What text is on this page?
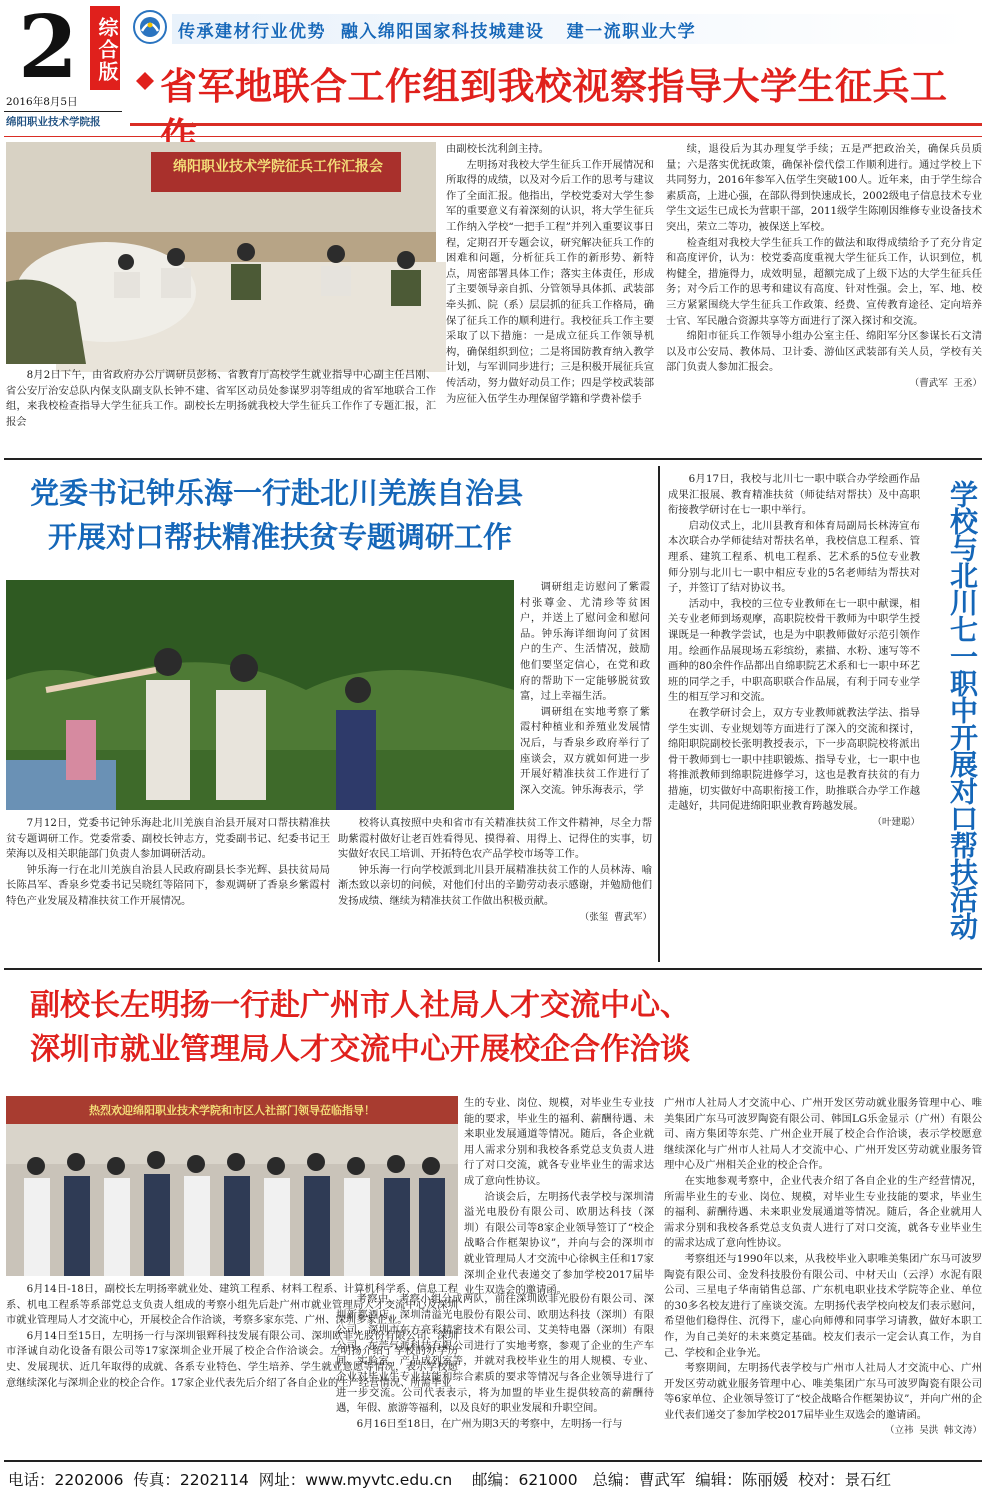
2 综合版
2016年8月5日
绵阳职业技术学院报
传承建材行业优势  融入绵阳国家科技城建设   建一流职业大学
省军地联合工作组到我校视察指导大学生征兵工
绵阳职业技术学院征兵工作汇报会
8月2日下午，由省政府办公厅调研员彭杨、省教育厅高校学生就业指导中心副主任吕刚、省公安厅治安总队内保支队副支队长钟不建、省军区动员处参谋罗羽等组成的省军地联合工作组，来我校检查指导大学生征兵工作。副校长左明扬就我校大学生征兵工作作了专题汇报，汇报会

由副校长沈利剑主持。

左明扬对我校大学生征兵工作开展情况和所取得的成绩，以及对今后工作的思考与建议作了全面汇报。他指出，学校党委对大学生参军的重要意义有着深刻的认识，将大学生征兵工作纳入学校“一把手工程”并列入重要议事日程，定期召开专题会议，研究解决征兵工作的困难和问题，分析征兵工作的新形势、新特点，周密部署具体工作；落实主体责任，形成了主要领导亲自抓、分管领导具体抓、武装部牵头抓、院（系）层层抓的征兵工作格局，确保了征兵工作的顺利进行。我校征兵工作主要采取了以下措施：一是成立征兵工作领导机构，确保组织到位；二是将国防教育纳入教学计划，与军训同步进行；三是积极开展征兵宣传活动，努力做好动员工作；四是学校武装部为应征入伍学生办理保留学籍和学费补偿手

续，退役后为其办理复学手续；五是严把政治关，确保兵员质量；六是落实优抚政策，确保补偿代偿工作顺利进行。通过学校上下共同努力，2016年参军入伍学生突破100人。近年来，由于学生综合素质高，上进心强，在部队得到快速成长，2002级电子信息技术专业学生文运生已成长为营职干部，2011级学生陈刚因维修专业设备技术突出，荣立二等功，被保送上军校。

检查组对我校大学生征兵工作的做法和取得成绩给予了充分肯定和高度评价，认为：校党委高度重视大学生征兵工作，认识到位，机构健全，措施得力，成效明显，超额完成了上级下达的大学生征兵任务；对今后工作的思考和建议有高度、针对性强。会上，军、地、校三方紧紧围绕大学生征兵工作政策、经费、宣传教育途径、定向培养士官、军民融合资源共享等方面进行了深入探讨和交流。

绵阳市征兵工作领导小组办公室主任、绵阳军分区参谋长石文清以及市公安局、教体局、卫计委、游仙区武装部有关人员，学校有关部门负责人参加汇报会。

（曹武军 王丞）

党委书记钟乐海一行赴北川羌族自治县
开展对口帮扶精准扶贫专题调研工作

调研组走访慰问了紫霞村张尊金、尤清珍等贫困户，并送上了慰问金和慰问品。钟乐海详细询问了贫困户的生产、生活情况，鼓励他们要坚定信心，在党和政府的帮助下一定能够脱贫致富，过上幸福生活。

调研组在实地考察了紫霞村种植业和养殖业发展情况后，与香泉乡政府举行了座谈会，双方就如何进一步开展好精准扶贫工作进行了深入交流。钟乐海表示，学

7月12日，党委书记钟乐海赴北川羌族自治县开展对口帮扶精准扶贫专题调研工作。党委常委、副校长钟志方，党委副书记、纪委书记王荣海以及相关职能部门负责人参加调研活动。

钟乐海一行在北川羌族自治县人民政府副县长李光辉、县扶贫局局长陈昌军、香泉乡党委书记吴晓红等陪同下，参观调研了香泉乡紫霞村特色产业发展及精准扶贫工作开展情况。

校将认真按照中央和省市有关精准扶贫工作文件精神，尽全力帮助紫霞村做好让老百姓看得见、摸得着、用得上、记得住的实事，切实做好农民工培训、开拓特色农产品学校市场等工作。

钟乐海一行向学校派到北川县开展精准扶贫工作的人员林涛、喻渐杰致以亲切的问候，对他们付出的辛勤劳动表示感谢，并勉励他们发扬成绩、继续为精准扶贫工作做出积极贡献。

（张玺 曹武军）

6月17日，我校与北川七一职中联合办学绘画作品成果汇报展、教育精准扶贫（师徒结对帮扶）及中高职衔接教学研讨在七一职中举行。

启动仪式上，北川县教育和体育局副局长林涛宣布本次联合办学师徒结对帮扶名单，我校信息工程系、管理系、建筑工程系、机电工程系、艺术系的5位专业教师分别与北川七一职中相应专业的5名老师结为帮扶对子，并签订了结对协议书。

活动中，我校的三位专业教师在七一职中献课，相关专业老师到场观摩，高职院校骨干教师为中职学生授课既是一种教学尝试，也是为中职教师做好示范引领作用。绘画作品展现场五彩缤纷，素描、水粉、速写等不画种的80余件作品都出自绵职院艺术系和七一职中环艺班的同学之手，中职高职联合作品展，有利于同专业学生的相互学习和交流。

在教学研讨会上，双方专业教师就教法学法、指导学生实训、专业规划等方面进行了深入的交流和探讨，绵阳职院副校长张明教授表示，下一步高职院校将派出骨干教师到七一职中挂职锻炼、指导专业，七一职中也将推派教师到绵职院进修学习，这也是教育扶贫的有力措施，切实做好中高职衔接工作，助推联合办学工作越走越好，共同促进绵阳职业教育跨越发展。

（叶建聪） 学校与北川七一职中开展对口帮扶活动
副校长左明扬一行赴广州市人社局人才交流中心、
深圳市就业管理局人才交流中心开展校企合作洽谈
热烈欢迎绵阳职业技术学院和市区人社部门领导莅临指导！

6月14日-18日，副校长左明扬率就业处、建筑工程系、材料工程系、计算机科学系、信息工程系、机电工程系等系部党总支负责人组成的考察小组先后赴广州市就业管理局人才交流中心及深圳市就业管理局人才交流中心，开展校企合作洽谈，考察多家东莞、广州、深圳多家企业。

6月14日至15日，左明扬一行与深圳银辉科技发展有限公司、深圳欧菲光股份有限公司、深圳市泽诚自动化设备有限公司等17家深圳企业开展了校企合作洽谈会。左明扬介绍了学校的办学历史、发展现状、近几年取得的成就、各系专业特色、学生培养、学生就业意愿等情况，表示学校愿意继续深化与深圳企业的校企合作。17家企业代表先后介绍了各自企业的生产经营情况、所需毕业

生的专业、岗位、规模，对毕业生专业技能的要求，毕业生的福利、薪酬待遇、未来职业发展通道等情况。随后，各企业就用人需求分别和我校各系党总支负责人进行了对口交流，就各专业毕业生的需求达成了意向性协议。

洽谈会后，左明扬代表学校与深圳清溢光电股份有限公司、欧朋达科技（深圳）有限公司等8家企业领导签订了“校企战略合作框架协议”，并向与会的深圳市就业管理局人才交流中心徐枫主任和17家深圳企业代表递交了参加学校2017届毕业生双选会的邀请函。

考察中，考察小组分成两队，前往深圳欧菲光股份有限公司、深圳新都酒店、深圳清溢光电股份有限公司、欧朋达科技（深圳）有限公司、深圳市东方亮彩精密技术有限公司、艾美特电器（深圳）有限公司、东莞气派科技有限公司进行了实地考察，参观了企业的生产车间、实验室、产品成列室等，并就对我校毕业生的用人规模、专业、企业对毕业生专业技能和综合素质的要求等情况与各企业领导进行了进一步交流。公司代表表示，将为加盟的毕业生提供较高的薪酬待遇，年假、旅游等福利，以及良好的职业发展和升职空间。

6月16日至18日，在广州为期3天的考察中，左明扬一行与

广州市人社局人才交流中心、广州开发区劳动就业服务管理中心、唯美集团广东马可波罗陶瓷有限公司、韩国LG乐金显示（广州）有限公司、南方集团等东莞、广州企业开展了校企合作洽谈，表示学校愿意继续深化与广州市人社局人才交流中心、广州开发区劳动就业服务管理中心及广州相关企业的校企合作。

在实地参观考察中，企业代表介绍了各自企业的生产经营情况，所需毕业生的专业、岗位、规模，对毕业生专业技能的要求，毕业生的福利、薪酬待遇、未来职业发展通道等情况。随后，各企业就用人需求分别和我校各系党总支负责人进行了对口交流，就各专业毕业生的需求达成了意向性协议。

考察组还与1990年以来，从我校毕业入职唯美集团广东马可波罗陶瓷有限公司、金发科技股份有限公司、中材天山（云浮）水泥有限公司、三星电子华南销售总部、广东机电职业技术学院等企业、单位的30多名校友进行了座谈交流。左明扬代表学校向校友们表示慰问，希望他们稳得住、沉得下，虚心向师傅和同事学习请教，做好本职工作，为自己美好的未来奠定基础。校友们表示一定会认真工作，为自己、学校和企业争光。

考察期间，左明扬代表学校与广州市人社局人才交流中心、广州开发区劳动就业服务管理中心、唯美集团广东马可波罗陶瓷有限公司等6家单位、企业领导签订了“校企战略合作框架协议”，并向广州的企业代表们递交了参加学校2017届毕业生双选会的邀请函。

（立祎 吴洪 韩文涛）

电话：2202006  传真：2202114  网址：www.myvtc.edu.cn    邮编：621000   总编：曹武军  编辑：陈丽媛  校对：景石红
